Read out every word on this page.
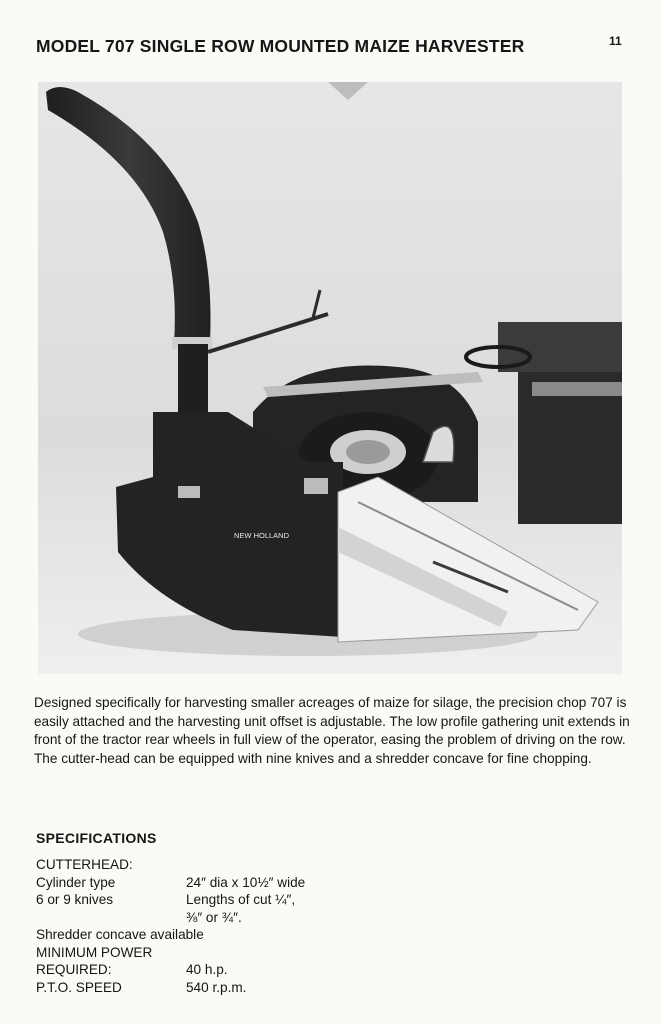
MODEL 707 SINGLE ROW MOUNTED MAIZE HARVESTER	11
NEW HOLLAND
Designed specifically for harvesting smaller acreages of maize for silage, the precision chop 707 is easily attached and the harvesting unit offset is adjustable. The low profile gathering unit extends in front of the tractor rear wheels in full view of the operator, easing the problem of driving on the row. The cutter-head can be equipped with nine knives and a shredder concave for fine chopping.
SPECIFICATIONS
CUTTERHEAD:
Cylinder type	24″ dia x 10½″ wide
6 or 9 knives	Lengths of cut ¼″,
⅜″ or ¾″.
Shredder concave available
MINIMUM POWER
REQUIRED:	40 h.p.
P.T.O. SPEED	540 r.p.m.
